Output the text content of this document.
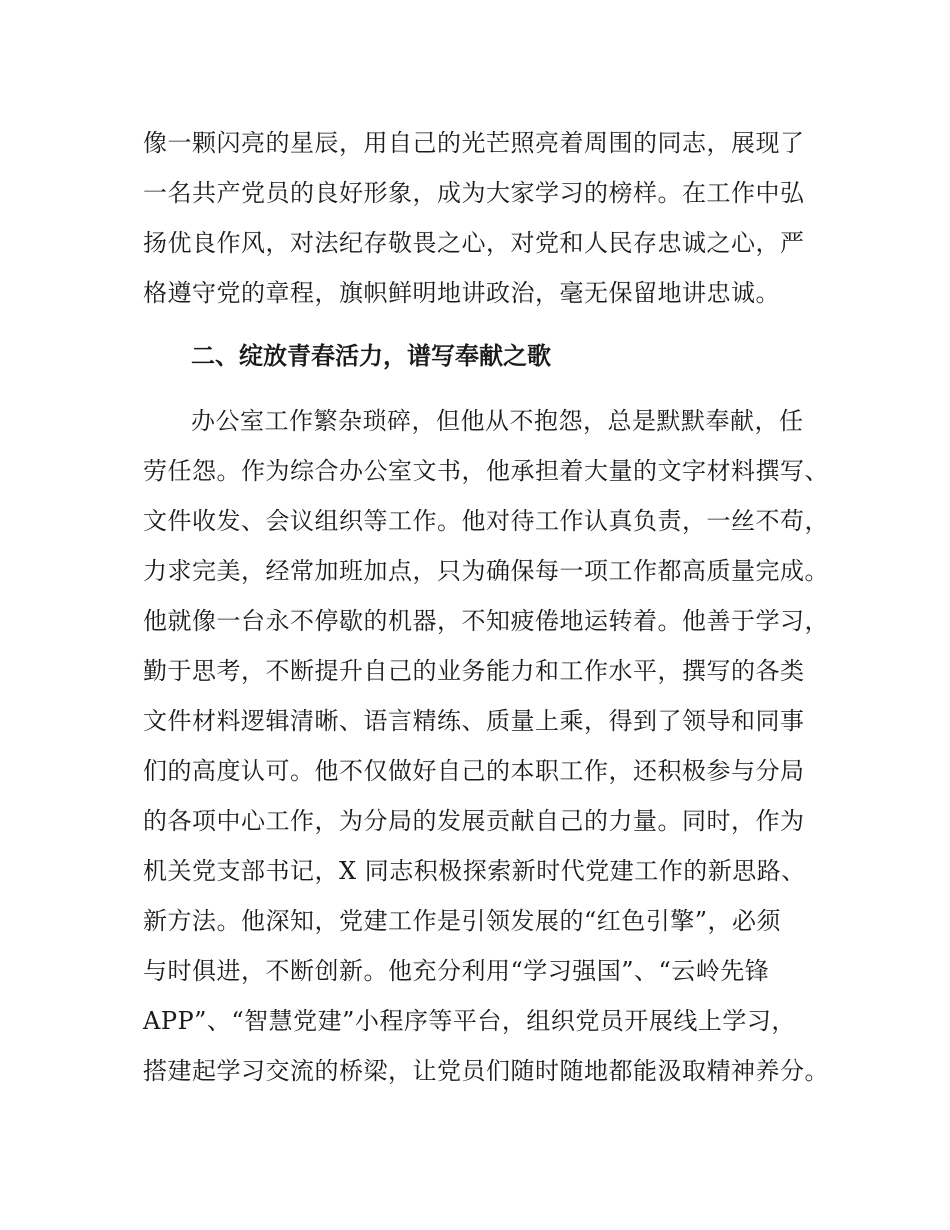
像一颗闪亮的星辰，用自己的光芒照亮着周围的同志，展现了
一名共产党员的良好形象，成为大家学习的榜样。在工作中弘
扬优良作风，对法纪存敬畏之心，对党和人民存忠诚之心，严
格遵守党的章程，旗帜鲜明地讲政治，毫无保留地讲忠诚。
二、绽放青春活力，谱写奉献之歌
办公室工作繁杂琐碎，但他从不抱怨，总是默默奉献，任
劳任怨。作为综合办公室文书，他承担着大量的文字材料撰写、
文件收发、会议组织等工作。他对待工作认真负责，一丝不苟，
力求完美，经常加班加点，只为确保每一项工作都高质量完成。
他就像一台永不停歇的机器，不知疲倦地运转着。他善于学习，
勤于思考，不断提升自己的业务能力和工作水平，撰写的各类
文件材料逻辑清晰、语言精练、质量上乘，得到了领导和同事
们的高度认可。他不仅做好自己的本职工作，还积极参与分局
的各项中心工作，为分局的发展贡献自己的力量。同时，作为
机关党支部书记，X 同志积极探索新时代党建工作的新思路、
新方法。他深知，党建工作是引领发展的“红色引擎”，必须
与时俱进，不断创新。他充分利用“学习强国”、“云岭先锋
APP”、“智慧党建”小程序等平台，组织党员开展线上学习，
搭建起学习交流的桥梁，让党员们随时随地都能汲取精神养分。
